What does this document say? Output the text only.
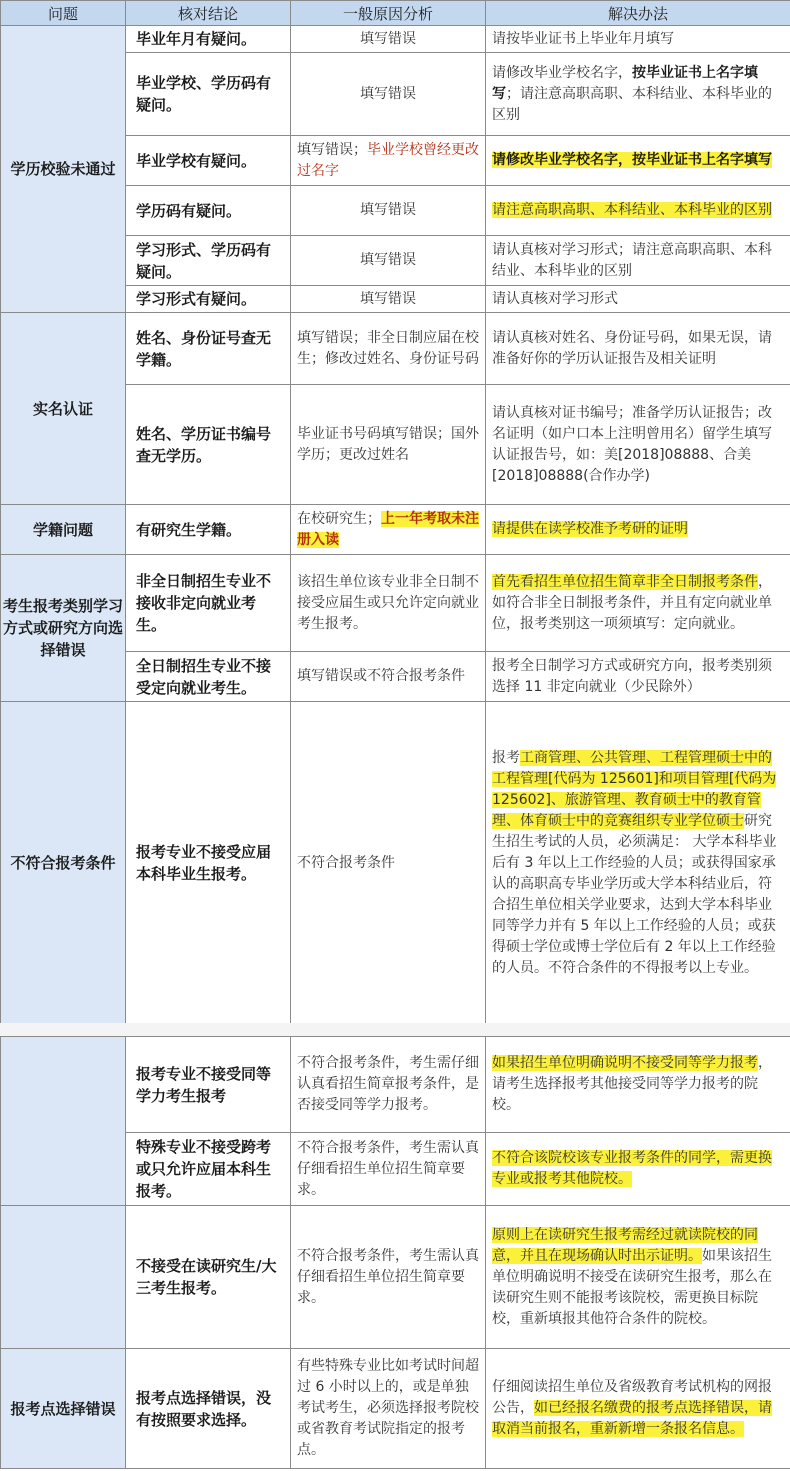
问题	核对结论	一般原因分析	解决办法
学历校验未通过	毕业年月有疑问。	填写错误	请按毕业证书上毕业年月填写
	毕业学校、学历码有疑问。	填写错误	请修改毕业学校名字，按毕业证书上名字填写；请注意高职高职、本科结业、本科毕业的区别
	毕业学校有疑问。	填写错误；毕业学校曾经更改过名字	请修改毕业学校名字，按毕业证书上名字填写
	学历码有疑问。	填写错误	请注意高职高职、本科结业、本科毕业的区别
	学习形式、学历码有疑问。	填写错误	请认真核对学习形式；请注意高职高职、本科结业、本科毕业的区别
	学习形式有疑问。	填写错误	请认真核对学习形式
实名认证	姓名、身份证号查无学籍。	填写错误；非全日制应届在校生；修改过姓名、身份证号码	请认真核对姓名、身份证号码，如果无误，请准备好你的学历认证报告及相关证明
	姓名、学历证书编号查无学历。	毕业证书号码填写错误；国外学历；更改过姓名	请认真核对证书编号；准备学历认证报告；改名证明（如户口本上注明曾用名）留学生填写认证报告号，如：美[2018]08888、合美[2018]08888(合作办学)
学籍问题	有研究生学籍。	在校研究生；上一年考取未注册入读	请提供在读学校准予考研的证明
考生报考类别学习方式或研究方向选择错误	非全日制招生专业不接收非定向就业考生。	该招生单位该专业非全日制不接受应届生或只允许定向就业考生报考。	首先看招生单位招生简章非全日制报考条件，如符合非全日制报考条件，并且有定向就业单位，报考类别这一项须填写：定向就业。
	全日制招生专业不接受定向就业考生。	填写错误或不符合报考条件	报考全日制学习方式或研究方向，报考类别须选择 11 非定向就业（少民除外）
不符合报考条件	报考专业不接受应届本科毕业生报考。	不符合报考条件	报考工商管理、公共管理、工程管理硕士中的工程管理[代码为 125601]和项目管理[代码为 125602]、旅游管理、教育硕士中的教育管理、体育硕士中的竞赛组织专业学位硕士研究生招生考试的人员，必须满足： 大学本科毕业后有 3 年以上工作经验的人员；或获得国家承认的高职高专毕业学历或大学本科结业后，符合招生单位相关学业要求，达到大学本科毕业同等学力并有 5 年以上工作经验的人员；或获得硕士学位或博士学位后有 2 年以上工作经验的人员。不符合条件的不得报考以上专业。
	报考专业不接受同等学力考生报考	不符合报考条件，考生需仔细认真看招生简章报考条件，是否接受同等学力报考。	如果招生单位明确说明不接受同等学力报考，请考生选择报考其他接受同等学力报考的院校。
	特殊专业不接受跨考或只允许应届本科生报考。	不符合报考条件，考生需认真仔细看招生单位招生简章要求。	不符合该院校该专业报考条件的同学，需更换专业或报考其他院校。
	不接受在读研究生/大三考生报考。	不符合报考条件，考生需认真仔细看招生单位招生简章要求。	原则上在读研究生报考需经过就读院校的同意，并且在现场确认时出示证明。如果该招生单位明确说明不接受在读研究生报考，那么在读研究生则不能报考该院校，需更换目标院校，重新填报其他符合条件的院校。
报考点选择错误	报考点选择错误，没有按照要求选择。	有些特殊专业比如考试时间超过 6 小时以上的，或是单独考试考生，必须选择报考院校或省教育考试院指定的报考点。	仔细阅读招生单位及省级教育考试机构的网报公告，如已经报名缴费的报考点选择错误，请取消当前报名，重新新增一条报名信息。
